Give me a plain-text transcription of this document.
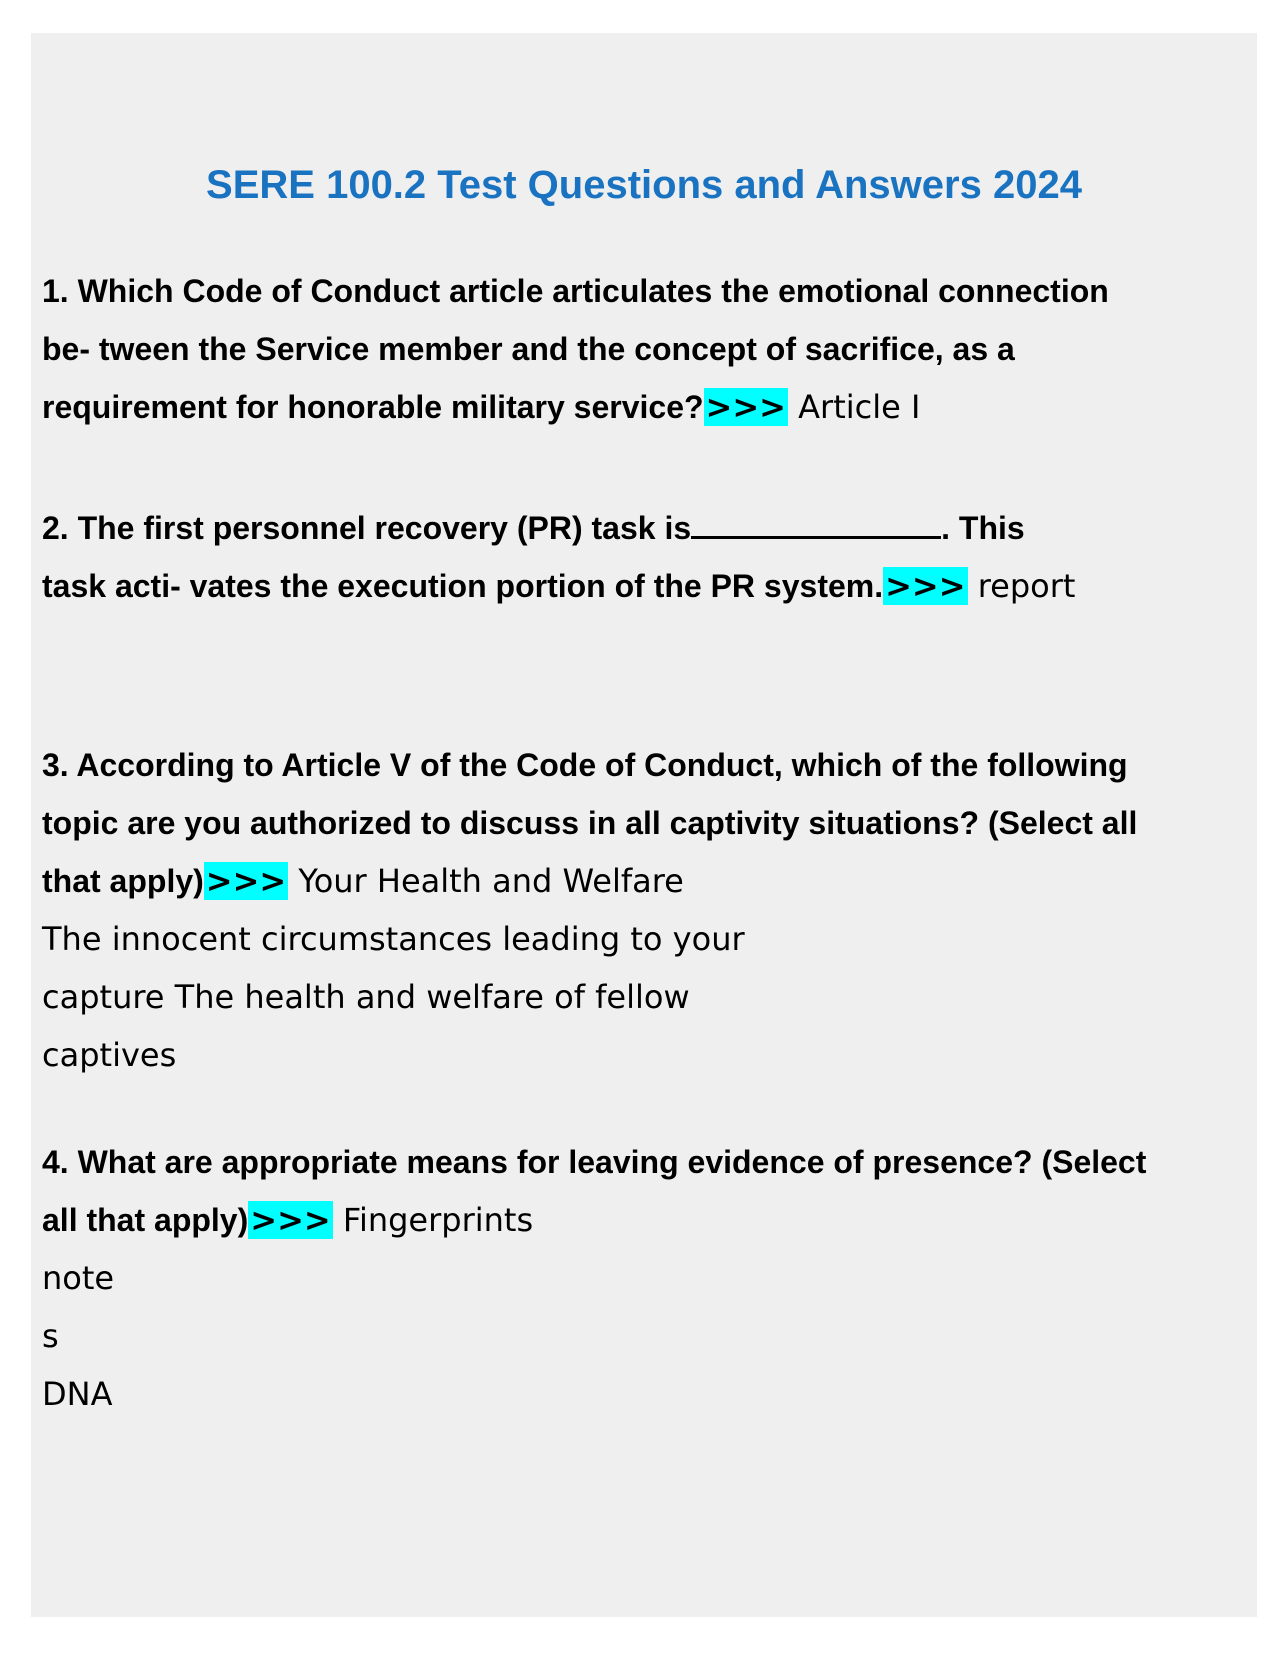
SERE 100.2 Test Questions and Answers 2024
1. Which Code of Conduct article articulates the emotional connection
be- tween the Service member and the concept of sacrifice, as a
requirement for honorable military service?>>> Article I
2. The first personnel recovery (PR) task is	. This
task acti- vates the execution portion of the PR system.>>> report
3. According to Article V of the Code of Conduct, which of the following
topic are you authorized to discuss in all captivity situations? (Select all
that apply)>>> Your Health and Welfare
The innocent circumstances leading to your
capture The health and welfare of fellow
captives
4. What are appropriate means for leaving evidence of presence? (Select
all that apply)>>> Fingerprints
note
s
DNA
